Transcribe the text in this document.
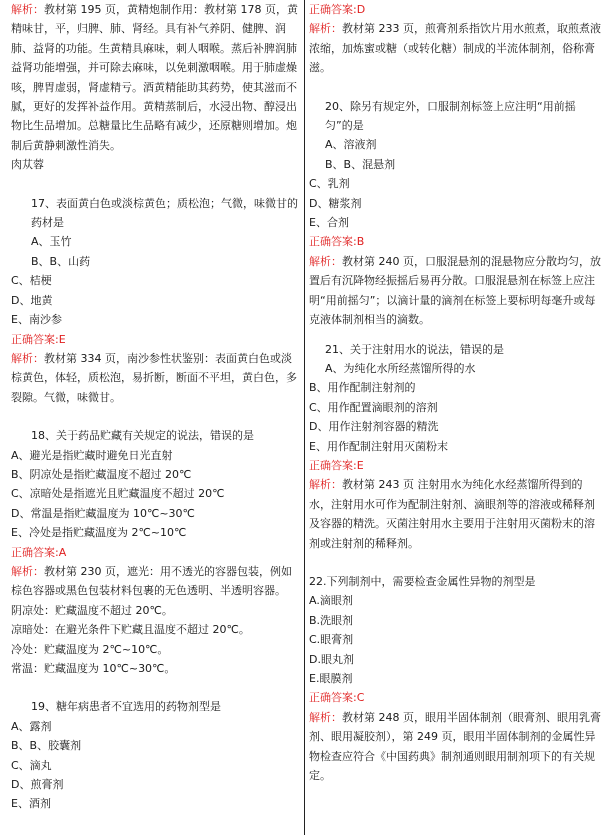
解析：教材第 195 页，黄精炮制作用：教材第 178 页，黄精味甘，平，归脾、肺、肾经。具有补气养阴、健脾、润肺、益肾的功能。生黄精具麻味，刺人咽喉。蒸后补脾润肺益肾功能增强，并可除去麻味，以免刺激咽喉。用于肺虚燥咳，脾胃虚弱，肾虚精亏。酒黄精能助其药势，使其滋而不腻，更好的发挥补益作用。黄精蒸制后，水浸出物、醇浸出物比生品增加。总糖量比生品略有减少，还原糖则增加。炮制后黄静刺激性消失。

肉苁蓉

17、表面黄白色或淡棕黄色；质松泡；气微，味微甘的药材是

A、玉竹

B、B、山药

C、桔梗

D、地黄

E、南沙参

正确答案:E

解析：教材第 334 页，南沙参性状鉴别：表面黄白色或淡棕黄色，体轻，质松泡，易折断，断面不平坦，黄白色，多裂隙。气微，味微甘。

18、关于药品贮藏有关规定的说法，错误的是

A、避光是指贮藏时避免日光直射

B、阴凉处是指贮藏温度不超过 20℃

C、凉暗处是指遮光且贮藏温度不超过 20℃

D、常温是指贮藏温度为 10℃~30℃

E、冷处是指贮藏温度为 2℃~10℃

正确答案:A

解析：教材第 230 页，遮光：用不透光的容器包装，例如棕色容器或黑色包装材料包裹的无色透明、半透明容器。

阴凉处：贮藏温度不超过 20℃。

凉暗处：在避光条件下贮藏且温度不超过 20℃。

冷处：贮藏温度为 2℃~10℃。

常温：贮藏温度为 10℃~30℃。

19、糖年病患者不宜选用的药物剂型是

A、露剂

B、B、胶囊剂

C、滴丸

D、煎膏剂

E、酒剂

正确答案:D

解析：教材第 233 页，煎膏剂系指饮片用水煎煮，取煎煮液浓缩，加炼蜜或糖（或转化糖）制成的半流体制剂，俗称膏滋。

20、除另有规定外，口服制剂标签上应注明“用前摇匀”的是

A、溶液剂

B、B、混悬剂

C、乳剂

D、糖浆剂

E、合剂

正确答案:B

解析：教材第 240 页，口服混悬剂的混悬物应分散均匀，放置后有沉降物经振摇后易再分散。口服混悬剂在标签上应注明“用前摇匀”；以滴计量的滴剂在标签上要标明每毫升或每克液体制剂相当的滴数。

21、关于注射用水的说法，错误的是

A、为纯化水所经蒸馏所得的水

B、用作配制注射剂的

C、用作配置滴眼剂的溶剂

D、用作注射剂容器的精洗

E、用作配制注射用灭菌粉末

正确答案:E

解析：教材第 243 页 注射用水为纯化水经蒸馏所得到的水，注射用水可作为配制注射剂、滴眼剂等的溶液或稀释剂及容器的精洗。灭菌注射用水主要用于注射用灭菌粉末的溶剂或注射剂的稀释剂。

22.下列制剂中，需要检查金属性异物的剂型是

A.滴眼剂

B.洗眼剂

C.眼膏剂

D.眼丸剂

E.眼膜剂

正确答案:C

解析：教材第 248 页，眼用半固体制剂（眼膏剂、眼用乳膏剂、眼用凝胶剂），第 249 页，眼用半固体制剂的金属性异物检查应符合《中国药典》制剂通则眼用制剂项下的有关规定。
